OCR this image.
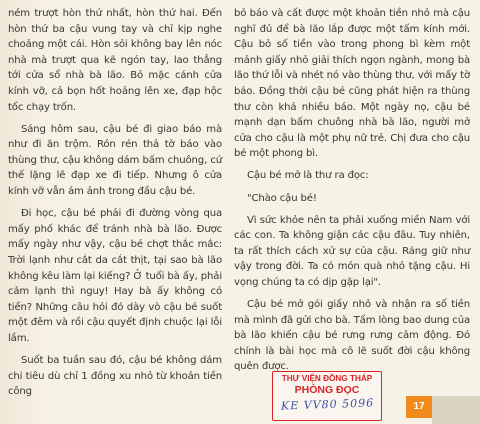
ném trượt hòn thứ nhất, hòn thứ hai. Đến hòn thứ ba cậu vung tay và chỉ kịp nghe choảng một cái. Hòn sỏi không bay lên nóc nhà mà trượt qua kẽ ngón tay, lao thẳng tới cửa sổ nhà bà lão. Bỏ mặc cánh cửa kính vỡ, cả bọn hốt hoảng lên xe, đạp hộc tốc chạy trốn.

Sáng hôm sau, cậu bé đi giao báo mà như đi ăn trộm. Rón rén thả tờ báo vào thùng thư, cậu không dám bấm chuông, cứ thế lặng lẽ đạp xe đi tiếp. Nhưng ô cửa kính vỡ vẫn ám ảnh trong đầu cậu bé.

Đi học, cậu bé phải đi đường vòng qua mấy phố khác để tránh nhà bà lão. Được mấy ngày như vậy, cậu bé chợt thắc mắc: Trời lạnh như cắt da cắt thịt, tại sao bà lão không kêu làm lại kiếng? Ở tuổi bà ấy, phải cảm lạnh thì nguy! Hay bà ấy không có tiền? Những câu hỏi đó dày vò cậu bé suốt một đêm và rồi cậu quyết định chuộc lại lỗi lầm.

Suốt ba tuần sau đó, cậu bé không dám chi tiêu dù chỉ 1 đồng xu nhỏ từ khoản tiền công

bỏ báo và cất được một khoản tiền nhỏ mà cậu nghĩ đủ để bà lão lắp được một tấm kính mới. Cậu bỏ số tiền vào trong phong bì kèm một mảnh giấy nhỏ giải thích ngọn ngành, mong bà lão thứ lỗi và nhét nó vào thùng thư, với mấy tờ báo. Đồng thời cậu bé cũng phát hiện ra thùng thư còn khá nhiều báo. Một ngày nọ, cậu bé mạnh dạn bấm chuông nhà bà lão, người mở cửa cho cậu là một phụ nữ trẻ. Chị đưa cho cậu bé một phong bì.

Cậu bé mở là thư ra đọc:

"Chào cậu bé!

Vì sức khỏe nên ta phải xuống miền Nam với các con. Ta không giận các cậu đâu. Tuy nhiên, ta rất thích cách xử sự của cậu. Ráng giữ như vậy trong đời. Ta có món quà nhỏ tặng cậu. Hi vọng chúng ta có dịp gặp lại".

Cậu bé mở gói giấy nhỏ và nhận ra số tiền mà mình đã gửi cho bà. Tấm lòng bao dung của bà lão khiến cậu bé rưng rưng cảm động. Đó chính là bài học mà cô lẽ suốt đời cậu không quên được.

THƯ VIỆN ĐỒNG THÁP
PHÒNG ĐỌC
KE VV80 5096	17
